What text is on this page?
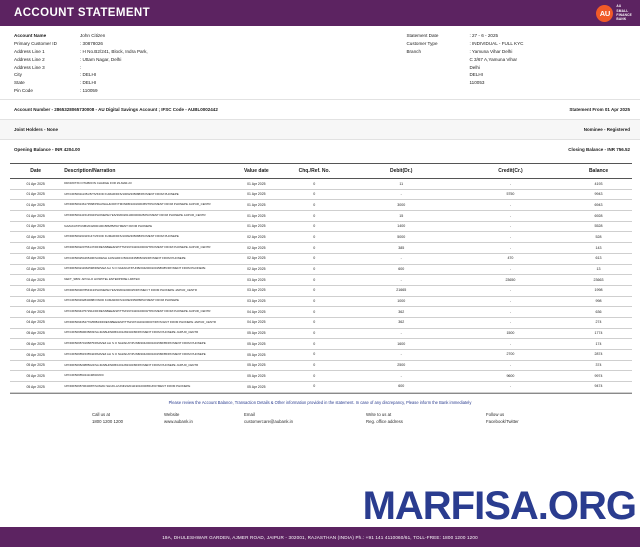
ACCOUNT STATEMENT	AU
AU
SMALL
FINANCE
BANK
Account Name	John Citizen
Primary Customer ID	: 30878026
Address Line 1	: H No.B2/241, Block, Indra Park,
Address Line 2	: Uttam Nagar, Delhi
Address Line 3	:
City	: DELHI
State	: DELHI
Pin Code	: 110059
Statement Date	: 27 - 6 - 2025
Customer Type	: INDIVIDUAL - FULL KYC
Branch	: Yamuna Vihar Delhi
C 3/67 A,Yamuna Vihar
Delhi
DELHI
110053
Account Number - 2865328065730008 - AU Digital Savings Account ; IFSC Code - AUBL0002442	Statement From 01 Apr 2025
Joint Holders - None	Nominee - Registered
Opening Balance - INR 4204.00	Closing Balance - INR 756.52
Date	Description/Narration	Value date	Chq./Ref. No.	Debit(Dr.)	Credit(Cr.)	Balance
01 Apr 2025	DRCRDTXN OTHBKFIN CHARGE FOR 29-MAR-23	01 Apr 2025	0	11	-	4193
01 Apr 2025	UPI/CR/509111351/5/TIVINOD KUMAR/DFS/10092335088/PAYMENT FROM PHONEPE	01 Apr 2025	0	-	5750	9943
01 Apr 2025	UPI/DR/509136173568/PRAJWAL&OPAYTM/INDB/1001906455/TIPAYMENT FROM PHONEPE JAIPUR_CENTR	01 Apr 2025	0	3000	-	6943
01 Apr 2025	UPI/DR/509141514504/PHONEPE/YES/39/002611000000025/PAYMENT FROM PHONEPE JAIPUR_CENTR	01 Apr 2025	0	15	-	6928
01 Apr 2025	NAZAKAT/PUNB/20420001001586/85/PAYMENT FROM PHONEPE	01 Apr 2025	0	1400	-	5528
02 Apr 2025	UPI/DR/509233115147/VINOD KUMAR/DFS/10092335088/PAYMENT FROM PHONEPE	02 Apr 2025	0	5000	-	528
02 Apr 2025	UPI/DR/509220756147/DFRESSBEE/ESP/TTM/1974420100000/TPAYMENT FROM PHONEPE JAIPUR_CENTR	02 Apr 2025	0	385	-	143
02 Apr 2025	UPI/CR/509254465406/SUDESH JAIN/HDFC/50100435865/029/PAYMENT FROM PHONEPE	02 Apr 2025	0	-	470	613
02 Apr 2025	UPI/DR/509211962598/PARVEZ ALI S O NAZAKAT/PUNB/20420001001586/85/PAYMENT FROM PHONEPE	02 Apr 2025	0	600	-	13
03 Apr 2025	NEFT_SBIN: APOLLO HOSPITEL ENTERPRISE LIMITED	03 Apr 2025	0	-	23650	23663
03 Apr 2025	UPI/DR/509307854313/PHONEPE/YES/39/002200025/PAYMEN T FROM PHONEPE JAIPUR_CENTR	03 Apr 2025	0	21665	-	1998
03 Apr 2025	UPI/CR/509332840088/VINOD KUMAR/DFS/10092335088/PAYMENT FROM PHONEPE	03 Apr 2025	0	1000	-	998
04 Apr 2025	UPI/CR/509447572912/DFRESSBEE/ESP/TTM/1974420100000/TPAYMENT FROM PHONEPE JAIPUR_CENTR	04 Apr 2025	0	362	-	636
04 Apr 2025	UPI/DR/509435477025884/DFRESSBEE/ESP/TTM/19744201000007/PAYM ENT FROM PHONEPE JAIPUR_CENTR	04 Apr 2025	0	362	-	274
05 Apr 2025	UPI/CR/509599635833/SA.IRABHI/NDB/1001282334/86/PAYMENT FROM PHONEPE JAIPUR_CENTR	05 Apr 2025	0	-	1500	1774
05 Apr 2025	UPI/DR/509570195875/PARVEZ ALI S O NAZAKAT/PUNB/20420001001586/85/PAYMENT FROM PHONEPE	05 Apr 2025	0	1600	-	174
05 Apr 2025	UPI/CR/509551535542/PARVEZ ALI S O NAZAKAT/PUNB/20420001001586/85/PAYMENT FROM PHONEPE	05 Apr 2025	0	-	2700	2874
05 Apr 2025	UPI/DR/509520885024/SA.IRABHI/NDB/1001282334/86/PAYMENT FROM PHONEPE JAIPUR_CENTR	05 Apr 2025	0	2500	-	374
05 Apr 2025	UPI/CR/509553441198/0/0/0/0	05 Apr 2025	0	-	9600	9974
05 Apr 2025	UPI/DR/509570640087/SUMAN SHUKLA/UNIN/2201119010000651/PAYMENT FROM PHONEPE	05 Apr 2025	0	600	-	9474
Please review the Account Balance, Transaction Details & Other information provided in the statement. In case of any discrepancy, Please inform the Bank immediately
Call us at
1800 1200 1200
Website
www.aubank.in
Email
customercare@aubank.in
Write to us at
Reg. office address
Follow us
Facebook/Twitter
19A, DHULESHWAR GARDEN, AJMER ROAD, JAIPUR - 302001, RAJASTHAN (INDIA) Ph.: +91 141 4110060/61, TOLL-FREE: 1800 1200 1200
MARFISA.ORG
